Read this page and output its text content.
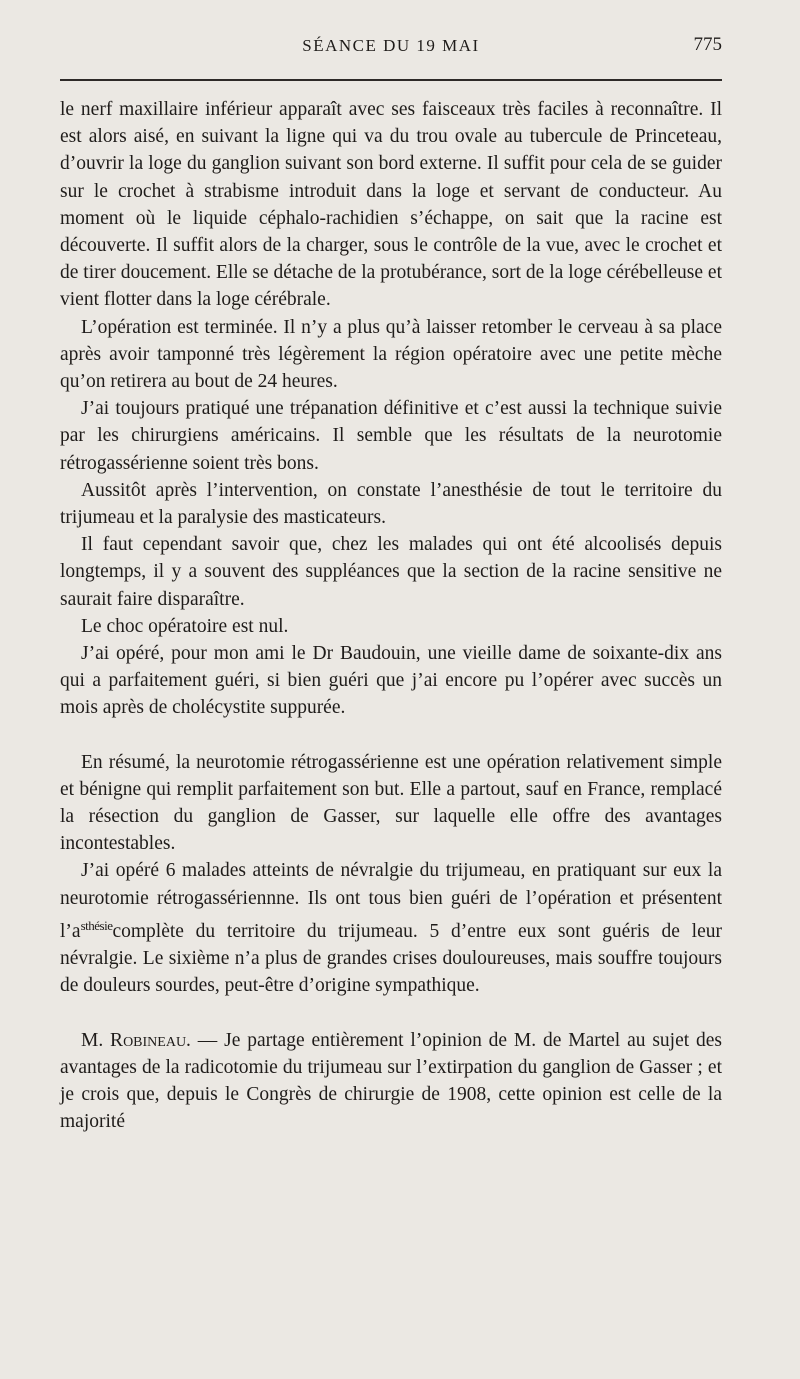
SÉANCE DU 19 MAI	775

le nerf maxillaire inférieur apparaît avec ses faisceaux très faciles à reconnaître. Il est alors aisé, en suivant la ligne qui va du trou ovale au tubercule de Princeteau, d’ouvrir la loge du ganglion suivant son bord externe. Il suffit pour cela de se guider sur le crochet à strabisme introduit dans la loge et servant de conducteur. Au moment où le liquide céphalo-rachidien s’échappe, on sait que la racine est découverte. Il suffit alors de la charger, sous le contrôle de la vue, avec le crochet et de tirer doucement. Elle se détache de la protubérance, sort de la loge cérébelleuse et vient flotter dans la loge cérébrale.

L’opération est terminée. Il n’y a plus qu’à laisser retomber le cerveau à sa place après avoir tamponné très légèrement la région opératoire avec une petite mèche qu’on retirera au bout de 24 heures.

J’ai toujours pratiqué une trépanation définitive et c’est aussi la technique suivie par les chirurgiens américains. Il semble que les résultats de la neurotomie rétrogassérienne soient très bons.

Aussitôt après l’intervention, on constate l’anesthésie de tout le territoire du trijumeau et la paralysie des masticateurs.

Il faut cependant savoir que, chez les malades qui ont été alcoolisés depuis longtemps, il y a souvent des suppléances que la section de la racine sensitive ne saurait faire disparaître.

Le choc opératoire est nul.

J’ai opéré, pour mon ami le Dr Baudouin, une vieille dame de soixante-dix ans qui a parfaitement guéri, si bien guéri que j’ai encore pu l’opérer avec succès un mois après de cholécystite suppurée.

En résumé, la neurotomie rétrogassérienne est une opération relativement simple et bénigne qui remplit parfaitement son but. Elle a partout, sauf en France, remplacé la résection du ganglion de Gasser, sur laquelle elle offre des avantages incontestables.

J’ai opéré 6 malades atteints de névralgie du trijumeau, en pratiquant sur eux la neurotomie rétrogassériennne. Ils ont tous bien guéri de l’opération et présentent $l’a^{sthésie}complète$ du territoire du trijumeau. 5 d’entre eux sont guéris de leur névralgie. Le sixième n’a plus de grandes crises douloureuses, mais souffre toujours de douleurs sourdes, peut-être d’origine sympathique.

M. Robineau. — Je partage entièrement l’opinion de M. de Martel au sujet des avantages de la radicotomie du trijumeau sur l’extirpation du ganglion de Gasser ; et je crois que, depuis le Congrès de chirurgie de 1908, cette opinion est celle de la majorité
